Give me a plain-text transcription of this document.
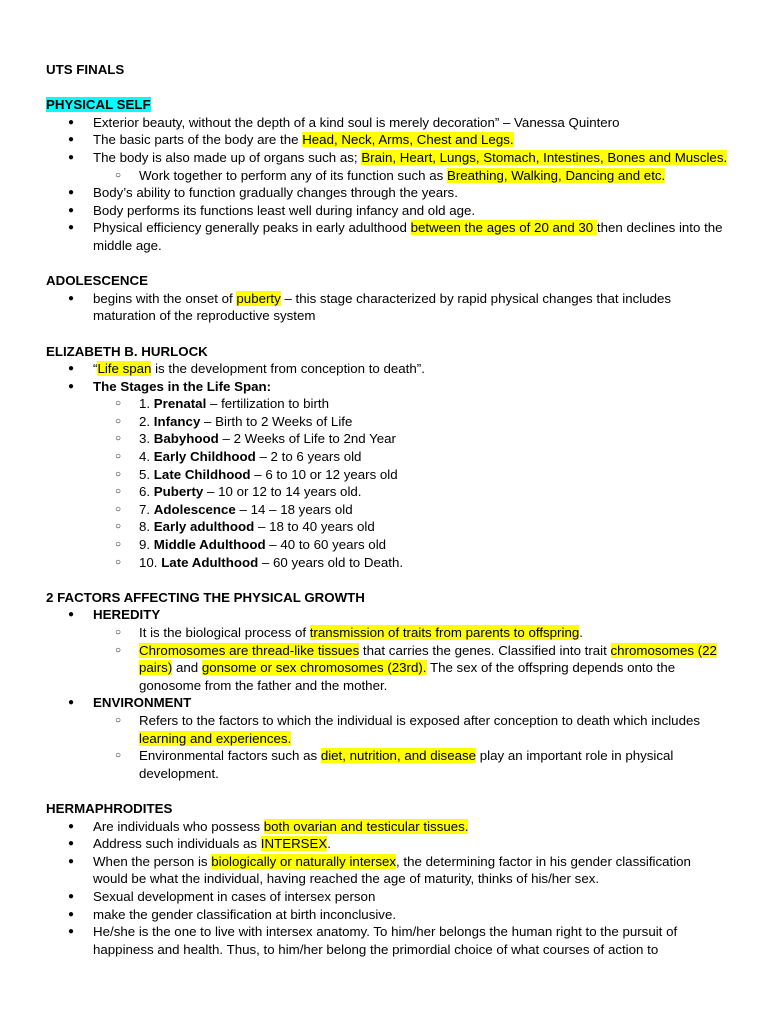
UTS FINALS

PHYSICAL SELF

● Exterior beauty, without the depth of a kind soul is merely decoration” – Vanessa Quintero
● The basic parts of the body are the Head, Neck, Arms, Chest and Legs.
● The body is also made up of organs such as; Brain, Heart, Lungs, Stomach, Intestines, Bones and Muscles.
○ Work together to perform any of its function such as Breathing, Walking, Dancing and etc.
● Body’s ability to function gradually changes through the years.
● Body performs its functions least well during infancy and old age.
● Physical efficiency generally peaks in early adulthood between the ages of 20 and 30 then declines into the middle age.

ADOLESCENCE

● begins with the onset of puberty – this stage characterized by rapid physical changes that includes maturation of the reproductive system

ELIZABETH B. HURLOCK

● “Life span is the development from conception to death”.
● The Stages in the Life Span:
○ 1. Prenatal – fertilization to birth
○ 2. Infancy – Birth to 2 Weeks of Life
○ 3. Babyhood – 2 Weeks of Life to 2nd Year
○ 4. Early Childhood – 2 to 6 years old
○ 5. Late Childhood – 6 to 10 or 12 years old
○ 6. Puberty – 10 or 12 to 14 years old.
○ 7. Adolescence – 14 – 18 years old
○ 8. Early adulthood – 18 to 40 years old
○ 9. Middle Adulthood – 40 to 60 years old
○ 10. Late Adulthood – 60 years old to Death.

2 FACTORS AFFECTING THE PHYSICAL GROWTH

● HEREDITY
○ It is the biological process of transmission of traits from parents to offspring.
○ Chromosomes are thread-like tissues that carries the genes. Classified into trait chromosomes (22 pairs) and gonsome or sex chromosomes (23rd). The sex of the offspring depends onto the gonosome from the father and the mother.
● ENVIRONMENT
○ Refers to the factors to which the individual is exposed after conception to death which includes learning and experiences.
○ Environmental factors such as diet, nutrition, and disease play an important role in physical development.

HERMAPHRODITES

● Are individuals who possess both ovarian and testicular tissues.
● Address such individuals as INTERSEX.
● When the person is biologically or naturally intersex, the determining factor in his gender classification would be what the individual, having reached the age of maturity, thinks of his/her sex.
● Sexual development in cases of intersex person
● make the gender classification at birth inconclusive.
● He/she is the one to live with intersex anatomy. To him/her belongs the human right to the pursuit of happiness and health. Thus, to him/her belong the primordial choice of what courses of action to
